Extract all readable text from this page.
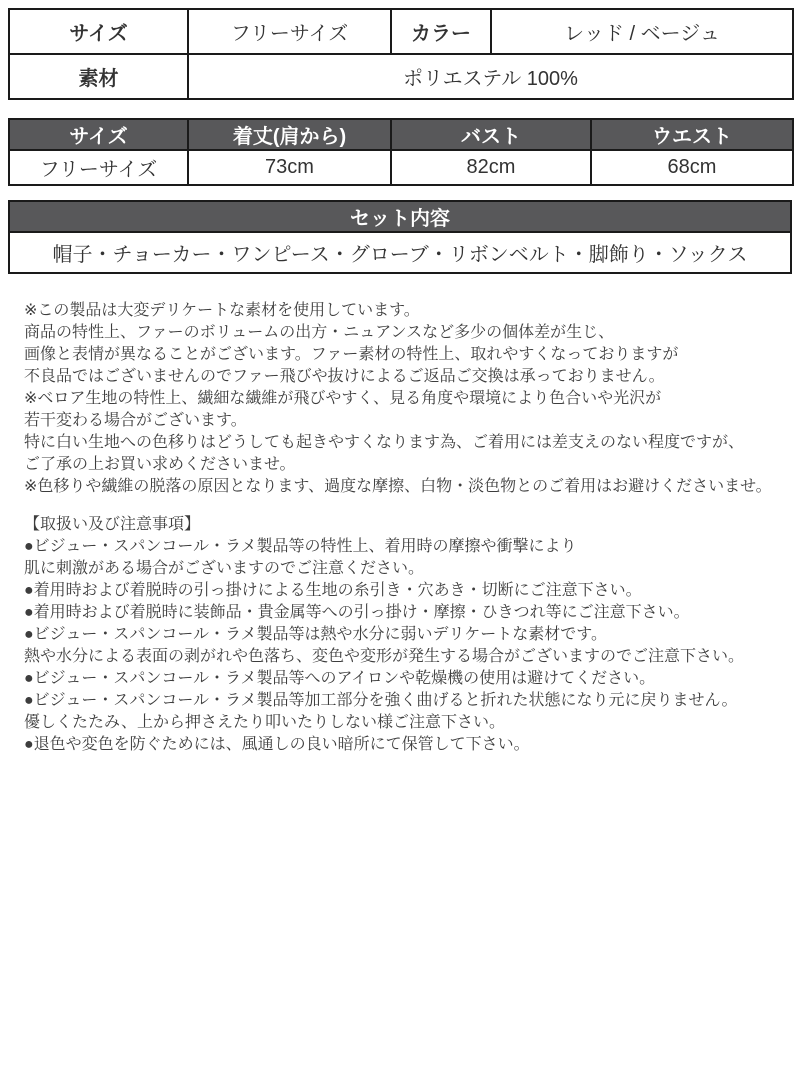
サイズ	フリーサイズ	カラー	レッド / ベージュ
素材	ポリエステル 100%		
サイズ	着丈(肩から)	バスト	ウエスト
フリーサイズ	73cm	82cm	68cm
セット内容
帽子・チョーカー・ワンピース・グローブ・リボンベルト・脚飾り・ソックス
※この製品は大変デリケートな素材を使用しています。
商品の特性上、ファーのボリュームの出方・ニュアンスなど多少の個体差が生じ、
画像と表情が異なることがございます。ファー素材の特性上、取れやすくなっておりますが
不良品ではございませんのでファー飛びや抜けによるご返品ご交換は承っておりません。
※ベロア生地の特性上、繊細な繊維が飛びやすく、見る角度や環境により色合いや光沢が
若干変わる場合がございます。
特に白い生地への色移りはどうしても起きやすくなります為、ご着用には差支えのない程度ですが、
ご了承の上お買い求めくださいませ。
※色移りや繊維の脱落の原因となります、過度な摩擦、白物・淡色物とのご着用はお避けくださいませ。
【取扱い及び注意事項】
●ビジュー・スパンコール・ラメ製品等の特性上、着用時の摩擦や衝撃により
肌に刺激がある場合がございますのでご注意ください。
●着用時および着脱時の引っ掛けによる生地の糸引き・穴あき・切断にご注意下さい。
●着用時および着脱時に装飾品・貴金属等への引っ掛け・摩擦・ひきつれ等にご注意下さい。
●ビジュー・スパンコール・ラメ製品等は熱や水分に弱いデリケートな素材です。
熱や水分による表面の剥がれや色落ち、変色や変形が発生する場合がございますのでご注意下さい。
●ビジュー・スパンコール・ラメ製品等へのアイロンや乾燥機の使用は避けてください。
●ビジュー・スパンコール・ラメ製品等加工部分を強く曲げると折れた状態になり元に戻りません。
優しくたたみ、上から押さえたり叩いたりしない様ご注意下さい。
●退色や変色を防ぐためには、風通しの良い暗所にて保管して下さい。
